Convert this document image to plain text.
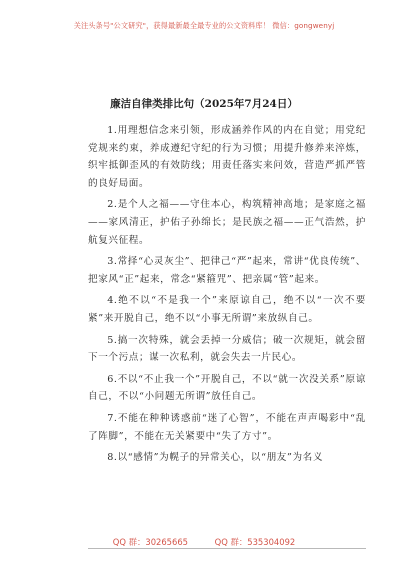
关注头条号"公文研究"，获得最新最全最专业的公文资料库！ 微信：gongwenyj
廉洁自律类排比句（2025年7月24日）

1.用理想信念来引领，形成涵养作风的内在自觉；用党纪党规来约束，养成遵纪守纪的行为习惯；用提升修养来淬炼，织牢抵御歪风的有效防线；用责任落实来问效，营造严抓严管的良好局面。

2.是个人之福——守住本心，构筑精神高地；是家庭之福——家风清正，护佑子孙绵长；是民族之福——正气浩然，护航复兴征程。

3.常择“心灵灰尘”、把律己“严”起来，常讲“优良传统”、把家风“正”起来，常念“紧箍咒”、把亲属“管”起来。

4.绝不以“不是我一个”来原谅自己，绝不以“一次不要紧”来开脱自己，绝不以“小事无所谓”来放纵自己。

5.搞一次特殊，就会丢掉一分威信；破一次规矩，就会留下一个污点；谋一次私利，就会失去一片民心。

6.不以“不止我一个”开脱自己，不以“就一次没关系”原谅自己，不以“小问题无所谓”放任自己。

7.不能在种种诱惑前“迷了心智”，不能在声声喝彩中“乱了阵脚”，不能在无关紧要中“失了方寸”。

8.以“感情”为幌子的异常关心，以“朋友”为名义

QQ 群：30265665	QQ 群：535304092
